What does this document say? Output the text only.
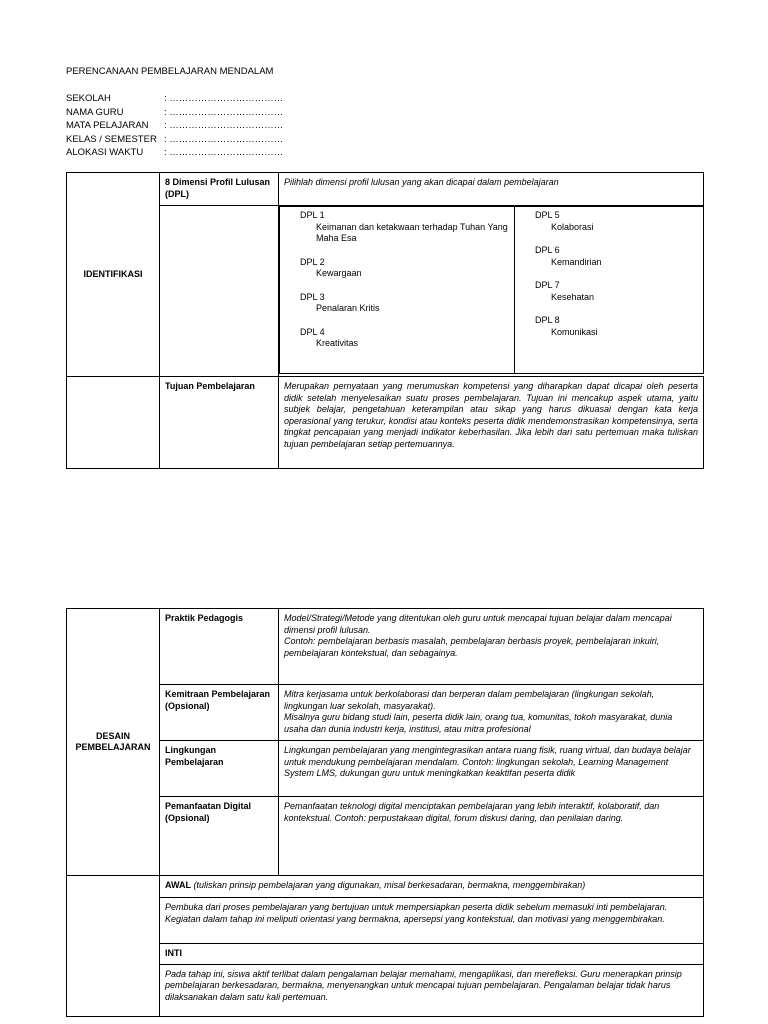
PERENCANAAN PEMBELAJARAN MENDALAM
SEKOLAH	: ………………………………
NAMA GURU	: ………………………………
MATA PELAJARAN	: ………………………………
KELAS / SEMESTER : ………………………………
ALOKASI WAKTU	: ………………………………
IDENTIFIKASI	8 Dimensi Profil Lulusan (DPL)	Pilihlah dimensi profil lulusan yang akan dicapai dalam pembelajaran

DPL 1
Keimanan dan ketakwaan terhadap Tuhan Yang Maha Esa
DPL 2
Kewargaan
DPL 3
Penalaran Kritis
DPL 4
Kreativitas
DPL 5
Kolaborasi
DPL 6
Kemandirian
DPL 7
Kesehatan
DPL 8
Komunikasi

	Tujuan Pembelajaran	Merupakan pernyataan yang merumuskan kompetensi yang diharapkan dapat dicapai oleh peserta didik setelah menyelesaikan suatu proses pembelajaran. Tujuan ini mencakup aspek utama, yaitu subjek belajar, pengetahuan keterampilan atau sikap yang harus dikuasai dengan kata kerja operasional yang terukur, kondisi atau konteks peserta didik mendemonstrasikan kompetensinya, serta tingkat pencapaian yang menjadi indikator keberhasilan. Jika lebih dari satu pertemuan maka tuliskan tujuan pembelajaran setiap pertemuannya.
DESAIN PEMBELAJARAN	Praktik Pedagogis	Model/Strategi/Metode yang ditentukan oleh guru untuk mencapai tujuan belajar dalam mencapai dimensi profil lulusan.
Contoh: pembelajaran berbasis masalah, pembelajaran berbasis proyek, pembelajaran inkuiri, pembelajaran kontekstual, dan sebagainya.
	Kemitraan Pembelajaran (Opsional)	Mitra kerjasama untuk berkolaborasi dan berperan dalam pembelajaran (lingkungan sekolah, lingkungan luar sekolah, masyarakat).
Misalnya guru bidang studi lain, peserta didik lain, orang tua, komunitas, tokoh masyarakat, dunia usaha dan dunia industri kerja, institusi, atau mitra profesional
	Lingkungan Pembelajaran	Lingkungan pembelajaran yang mengintegrasikan antara ruang fisik, ruang virtual, dan budaya belajar untuk mendukung pembelajaran mendalam. Contoh: lingkungan sekolah, Learning Management System LMS, dukungan guru untuk meningkatkan keaktifan peserta didik
	Pemanfaatan Digital (Opsional)	Pemanfaatan teknologi digital menciptakan pembelajaran yang lebih interaktif, kolaboratif, dan kontekstual. Contoh: perpustakaan digital, forum diskusi daring, dan penilaian daring.
	AWAL (tuliskan prinsip pembelajaran yang digunakan, misal berkesadaran, bermakna, menggembirakan)	
	Pembuka dari proses pembelajaran yang bertujuan untuk mempersiapkan peserta didik sebelum memasuki inti pembelajaran. Kegiatan dalam tahap ini meliputi orientasi yang bermakna, apersepsi yang kontekstual, dan motivasi yang menggembirakan.	
	INTI	
	Pada tahap ini, siswa aktif terlibat dalam pengalaman belajar memahami, mengaplikasi, dan merefleksi. Guru menerapkan prinsip pembelajaran berkesadaran, bermakna, menyenangkan untuk mencapai tujuan pembelajaran. Pengalaman belajar tidak harus dilaksanakan dalam satu kali pertemuan.	
